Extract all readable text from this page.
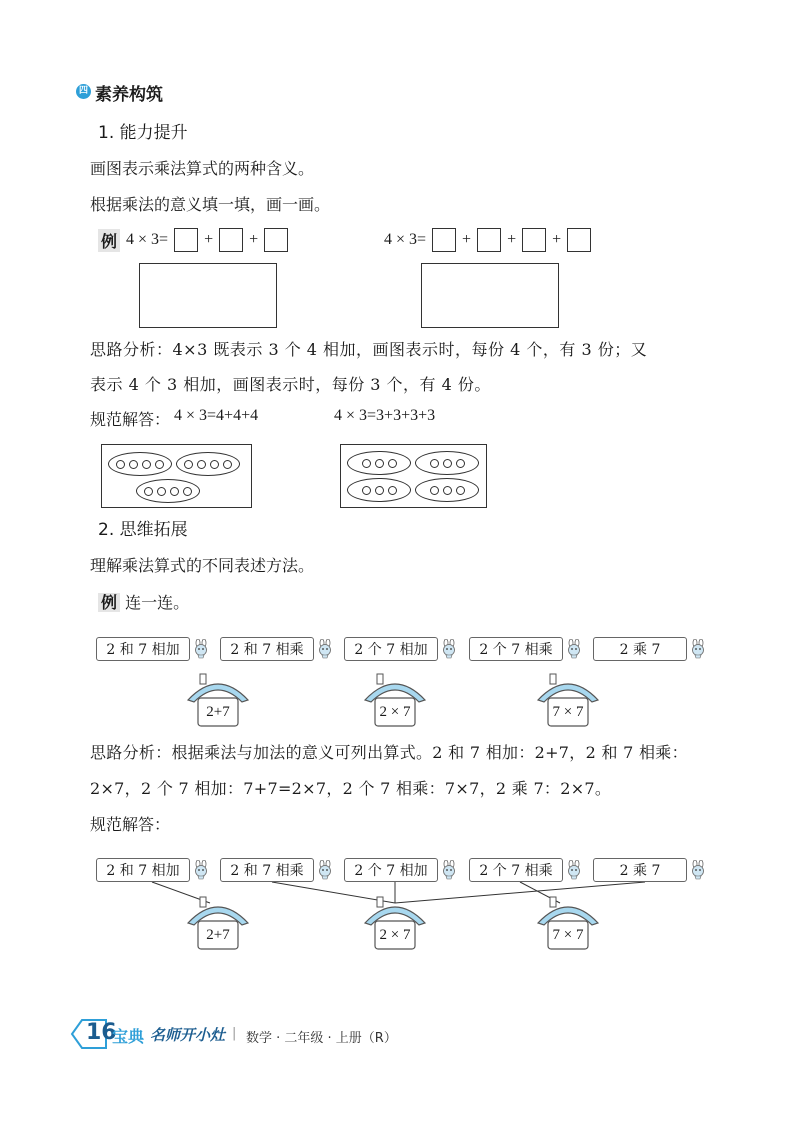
四 素养构筑
1. 能力提升
画图表示乘法算式的两种含义。
根据乘法的意义填一填，画一画。
例 4 × 3= + +	4 × 3= + + +
思路分析：4×3 既表示 3 个 4 相加，画图表示时，每份 4 个，有 3 份；又
表示 4 个 3 相加，画图表示时，每份 3 个，有 4 份。
规范解答： 4 × 3=4+4+4	4 × 3=3+3+3+3
2. 思维拓展
理解乘法算式的不同表述方法。
例 连一连。
2 和 7 相加	2 和 7 相乘	2 个 7 相加	2 个 7 相乘	2 乘 7
2+7	2 × 7	7 × 7
思路分析：根据乘法与加法的意义可列出算式。2 和 7 相加：2+7，2 和 7 相乘：
2×7，2 个 7 相加：7+7=2×7，2 个 7 相乘：7×7，2 乘 7：2×7。
规范解答：
2 和 7 相加	2 和 7 相乘	2 个 7 相加	2 个 7 相乘	2 乘 7
2+7	2 × 7	7 × 7
16
宝典 名师开小灶 | 数学 · 二年级 · 上册（R）
